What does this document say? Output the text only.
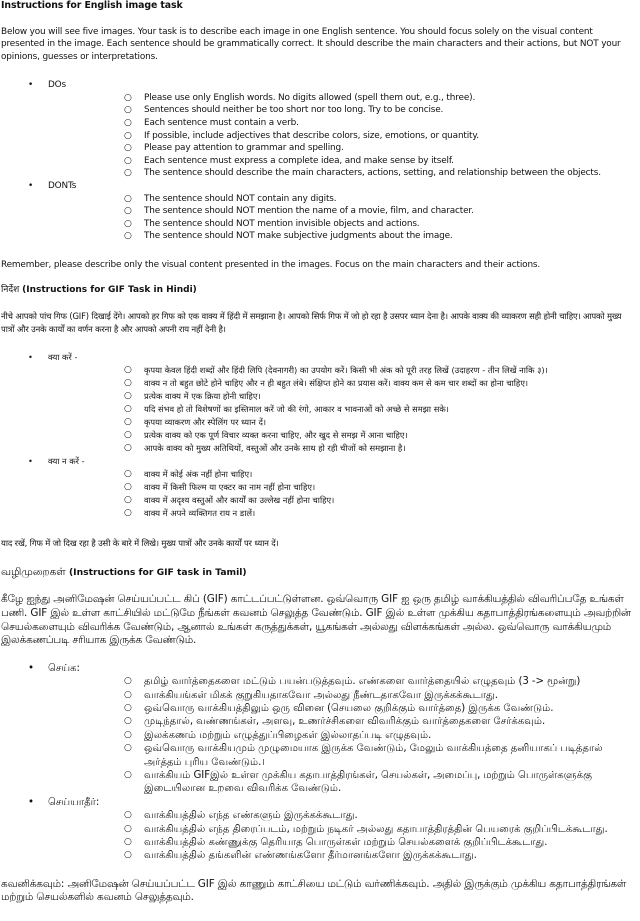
Instructions for English image task

Below you will see five images. Your task is to describe each image in one English sentence. You should focus solely on the visual content presented in the image. Each sentence should be grammatically correct. It should describe the main characters and their actions, but NOT your opinions, guesses or interpretations.

• DOs
○ Please use only English words. No digits allowed (spell them out, e.g., three).
○ Sentences should neither be too short nor too long. Try to be concise.
○ Each sentence must contain a verb.
○ If possible, include adjectives that describe colors, size, emotions, or quantity.
○ Please pay attention to grammar and spelling.
○ Each sentence must express a complete idea, and make sense by itself.
○ The sentence should describe the main characters, actions, setting, and relationship between the objects.
• DONTs
○ The sentence should NOT contain any digits.
○ The sentence should NOT mention the name of a movie, film, and character.
○ The sentence should NOT mention invisible objects and actions.
○ The sentence should NOT make subjective judgments about the image.

Remember, please describe only the visual content presented in the images. Focus on the main characters and their actions.

निर्देश (Instructions for GIF Task in Hindi)

नीचे आपको पांच गिफ (GIF) दिखाई देंगे। आपको हर गिफ को एक वाक्य में हिंदी में समझाना है। आपको सिर्फ गिफ में जो हो रहा है उसपर ध्यान देना है। आपके वाक्य की व्याकरण सही होनी चाहिए। आपको मुख्य पात्रों और उनके कार्यों का वर्णन करना है और आपको अपनी राय नहीं देनी है।

• क्या करें -
○ कृपया केवल हिंदी शब्दों और हिंदी लिपि (देवनागरी) का उपयोग करें। किसी भी अंक को पूरी तरह लिखें (उदाहरण - तीन लिखें नाकि ३)।
○ वाक्य न तो बहुत छोटे होने चाहिए और न ही बहुत लंबे। संक्षिप्त होने का प्रयास करें। वाक्य कम से कम चार शब्दों का होना चाहिए।
○ प्रत्येक वाक्य में एक क्रिया होनी चाहिए।
○ यदि संभव हो तो विशेषणों का इस्तिमाल करें जो की रंगो, आकार व भावनाओं को अच्छे से समझा सके।
○ कृपया व्याकरण और स्पेलिंग पर ध्यान दें।
○ प्रत्येक वाक्य को एक पूर्ण विचार व्यक्त करना चाहिए, और खुद से समझ में आना चाहिए।
○ आपके वाक्य को मुख्य अतिथियों, वस्तुओं और उनके साथ हो रही चीजों को समझाना है।
• क्या न करें -
○ वाक्य में कोई अंक नहीं होना चाहिए।
○ वाक्य में किसी फिल्म या एक्टर का नाम नहीं होना चाहिए।
○ वाक्य में अदृश्य वस्तुओं और कार्यों का उल्लेख नहीं होना चाहिए।
○ वाक्य में अपने व्यक्तिगत राय न डालें।

याद रखें, गिफ में जो दिख रहा है उसी के बारे में लिखे। मुख्य पात्रों और उनके कार्यों पर ध्यान दें।

வழிமுறைகள் (Instructions for GIF task in Tamil)

கீழே ஐந்து அனிமேஷன் செய்யப்பட்ட கிப் (GIF) காட்டப்பட்டுள்ளன. ஒவ்வொரு GIF ஐ ஒரு தமிழ் வாக்கியத்தில் விவரிப்பதே உங்கள் பணி. GIF இல் உள்ள காட்சியில் மட்டுமே நீங்கள் கவனம் செலுத்த வேண்டும். GIF இல் உள்ள முக்கிய கதாபாத்திரங்களையும் அவற்றின் செயல்களையும் விவரிக்க வேண்டும், ஆனால் உங்கள் கருத்துக்கள், யூகங்கள் அல்லது விளக்கங்கள் அல்ல. ஒவ்வொரு வாக்கியமும் இலக்கணப்படி சரியாக இருக்க வேண்டும்.

• செய்க:
○ தமிழ் வார்த்தைகளை மட்டும் பயன்படுத்தவும். எண்களை வார்த்தையில் எழுதவும் (3 -> மூன்று)
○ வாக்கியங்கள் மிகக் குறுகியதாகவோ அல்லது நீண்டதாகவோ இருக்கக்கூடாது.
○ ஒவ்வொரு வாக்கியத்திலும் ஒரு வினை (செயலை குறிக்கும் வார்த்தை) இருக்க வேண்டும்.
○ முடிந்தால், வண்ணங்கள், அளவு, உணர்ச்சிகளை விவரிக்கும் வார்த்தைகளை சேர்க்கவும்.
○ இலக்கணம் மற்றும் எழுத்துப்பிழைகள் இல்லாதப்படி எழுதவும்.
○ ஒவ்வொரு வாக்கியமும் முழுமையாக இருக்க வேண்டும், மேலும் வாக்கியத்தை தனியாகப் படித்தால் அர்த்தம் புரிய வேண்டும்.।
○ வாக்கியம் GIFஇல் உள்ள முக்கிய கதாபாத்திரங்கள், செயல்கள், அமைப்பு, மற்றும் பொருள்களுக்கு இடையிலான உறவை விவரிக்க வேண்டும்.
• செய்யாதீர்:
○ வாக்கியத்தில் எந்த எண்களும் இருக்கக்கூடாது.
○ வாக்கியத்தில் எந்த திரைப்படம், மற்றும் நடிகர் அல்லது கதாபாத்திரத்தின் பெயரைக் குறிப்பிடக்கூடாது.
○ வாக்கியத்தில் கண்ணுக்கு தெரியாத பொருள்கள் மற்றும் செயல்களைக் குறிப்பிடக்கூடாது.
○ வாக்கியத்தில் தங்களின் எண்ணங்களோ தீர்மானங்களோ இருக்கக்கூடாது.

கவனிக்கவும்: அனிமேஷன் செய்யப்பட்ட GIF இல் காணும் காட்சியை மட்டும் வர்ணிக்கவும். அதில் இருக்கும் முக்கிய கதாபாத்திரங்கள் மற்றும் செயல்களில் கவனம் செலுத்தவும்.
